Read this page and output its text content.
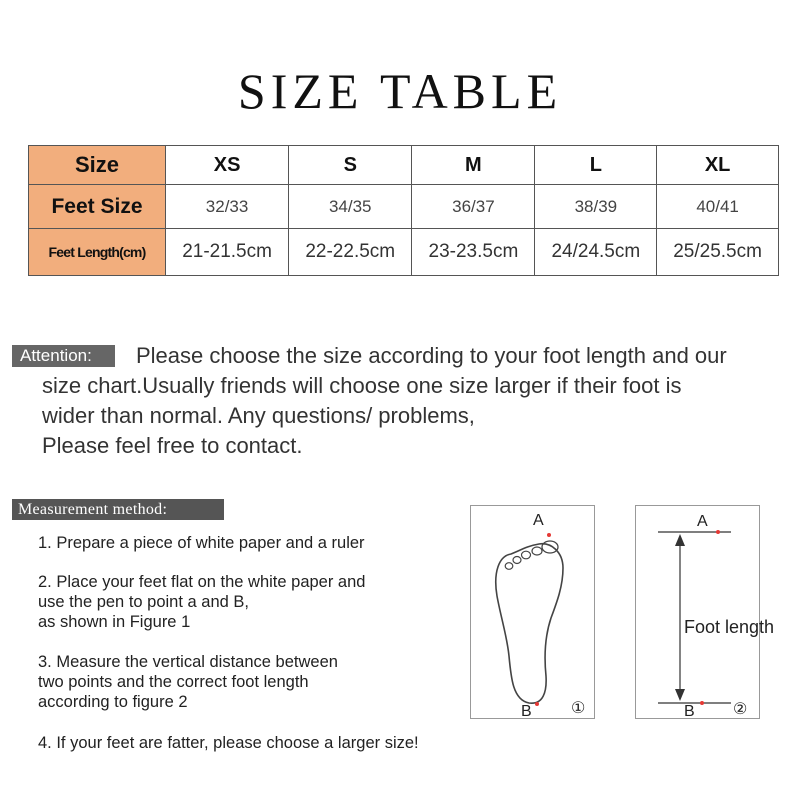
SIZE TABLE
Size	XS	S	M	L	XL
Feet Size	32/33	34/35	36/37	38/39	40/41
Feet Length(cm)	21-21.5cm	22-22.5cm	23-23.5cm	24/24.5cm	25/25.5cm
Attention:	Please choose the size according to your foot length and our
size chart.Usually friends will choose one size larger if their foot is
wider than normal. Any questions/ problems,
Please feel free to contact.
Measurement method:
1. Prepare a piece of white paper and a ruler
2. Place your feet flat on the white paper and
use the pen to point a and B,
as shown in Figure 1
3. Measure the vertical distance between
two points and the correct foot length
according to figure 2
4. If your feet are fatter, please choose a larger size!
A
B ①
A
B ②
Foot length
